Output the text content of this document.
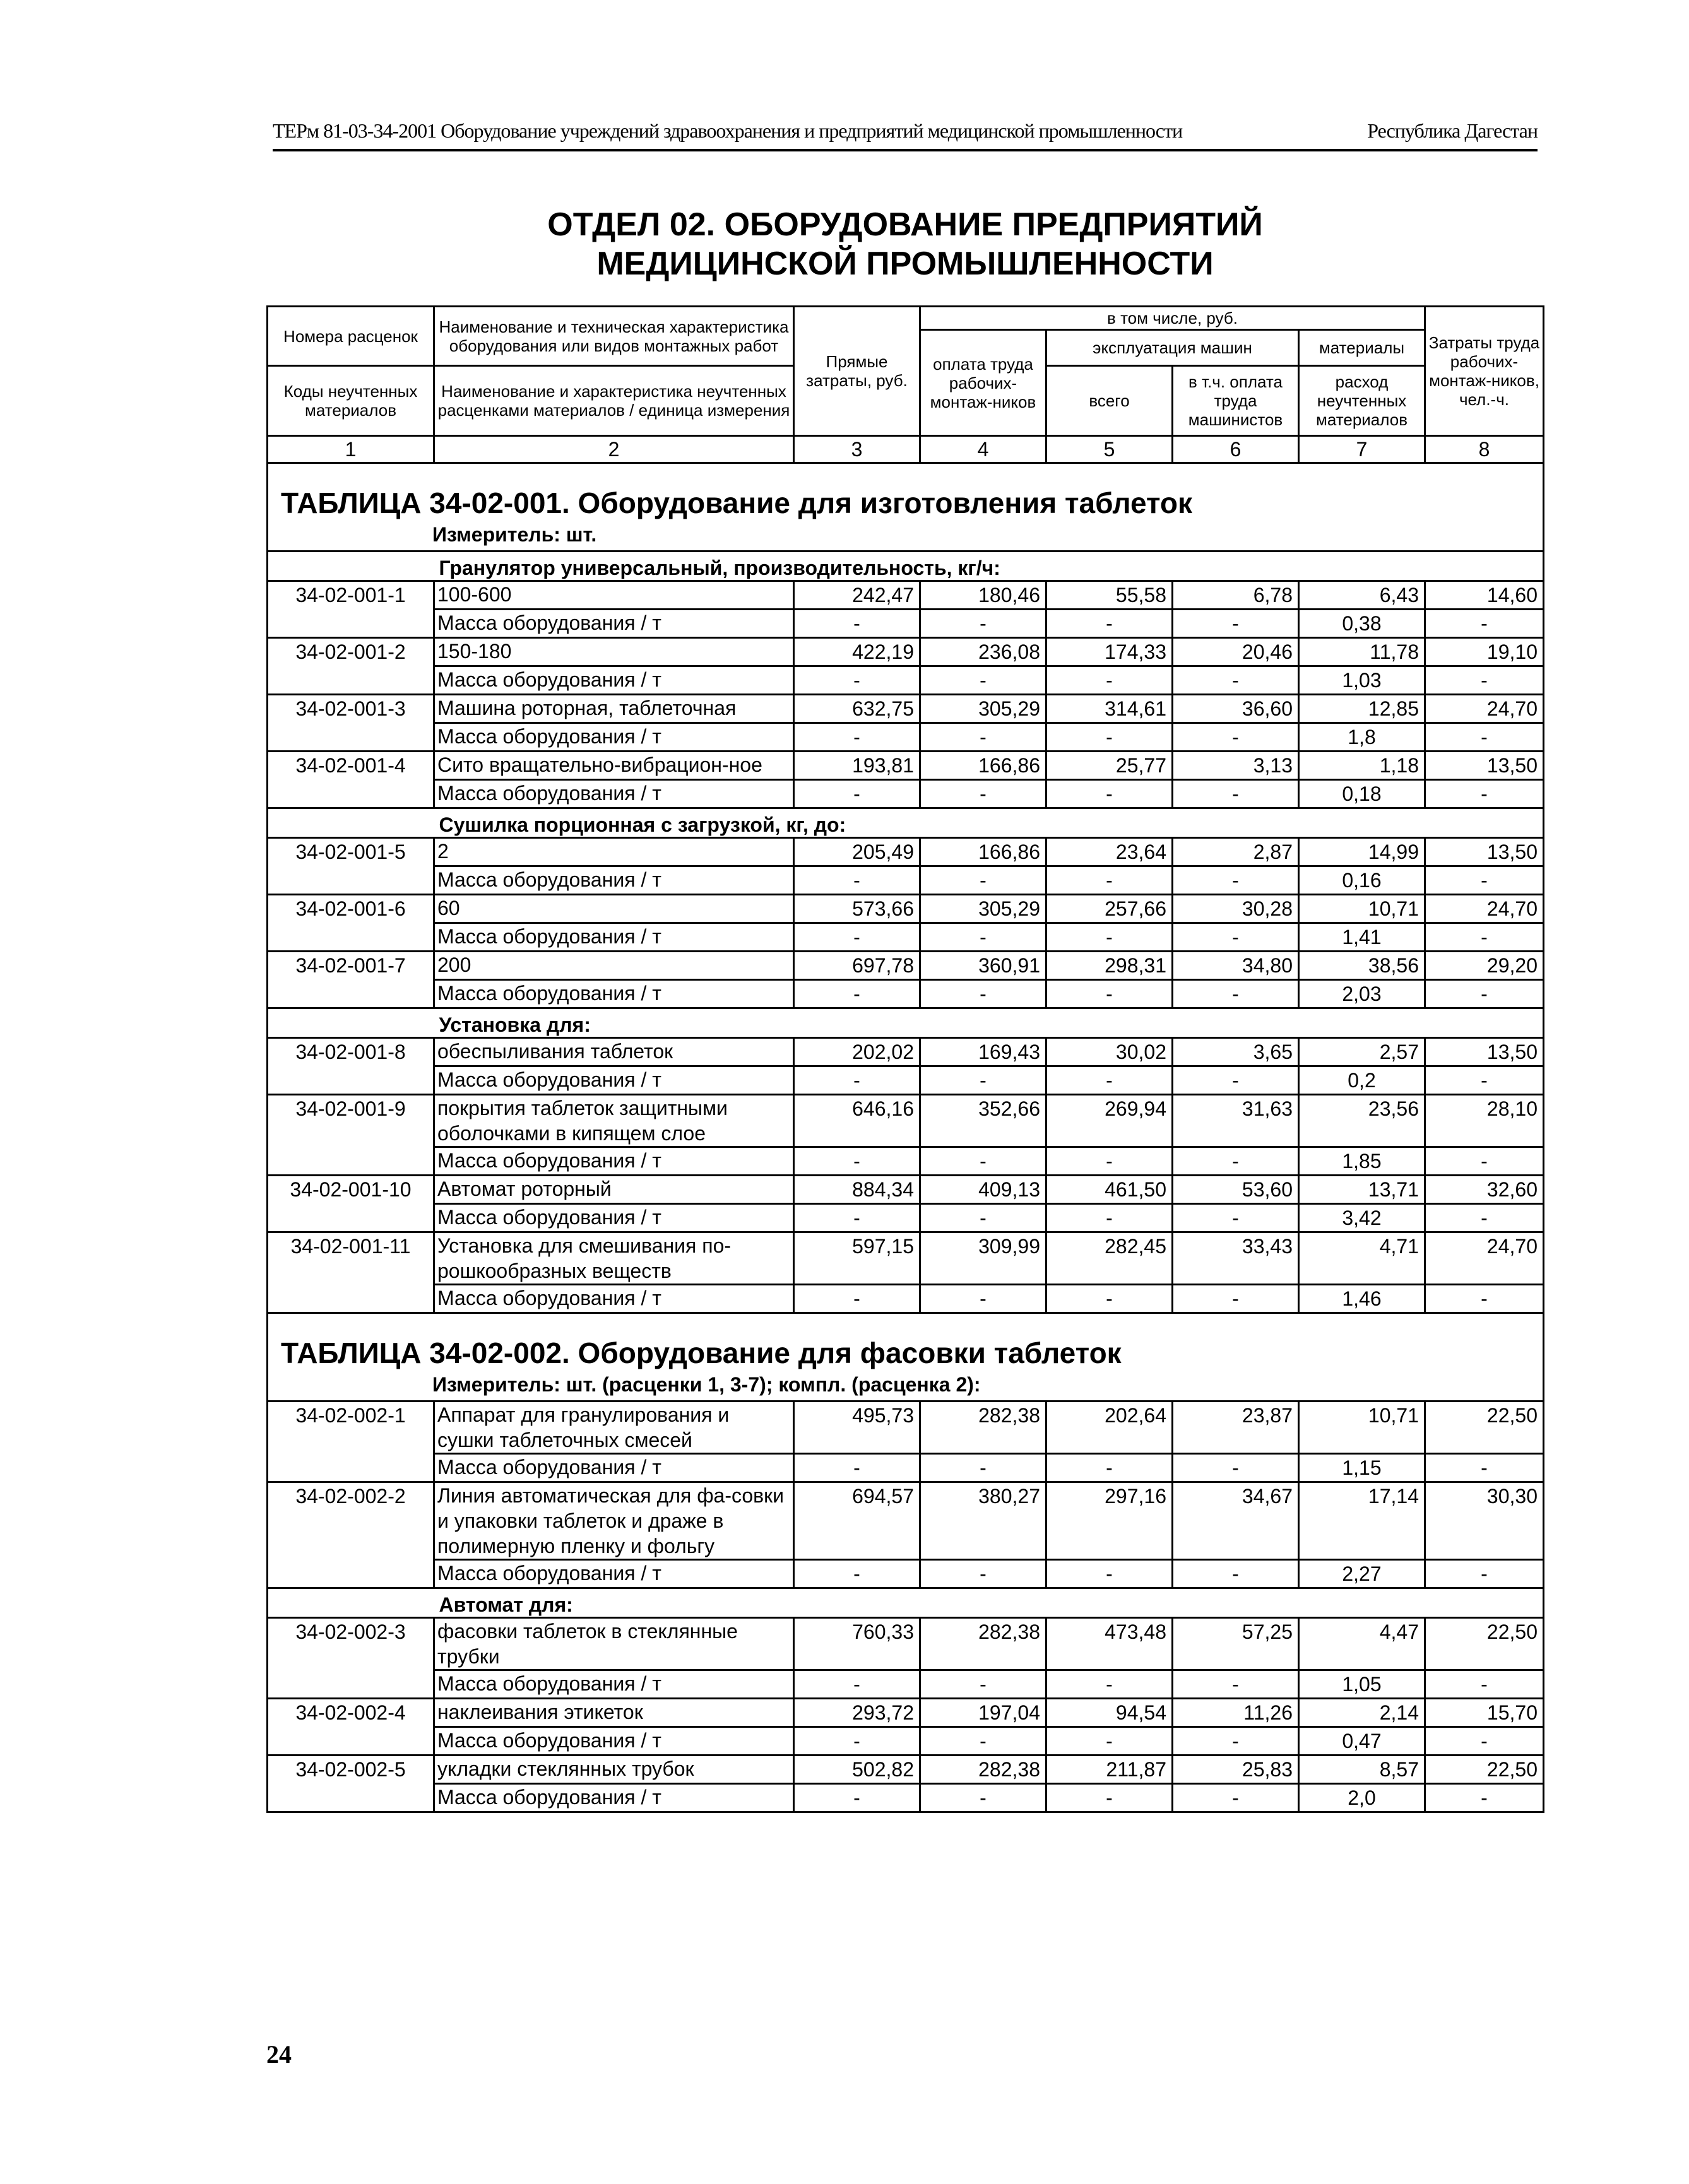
ТЕРм 81-03-34-2001 Оборудование учреждений здравоохранения и предприятий медицинской промышленности	Республика Дагестан
ОТДЕЛ 02. ОБОРУДОВАНИЕ ПРЕДПРИЯТИЙ
МЕДИЦИНСКОЙ ПРОМЫШЛЕННОСТИ
Номера расценок	Наименование и техническая характеристика оборудования или видов монтажных работ	Прямые затраты, руб.	в том числе, руб.				Затраты труда рабочих-монтаж-ников, чел.-ч.
			оплата труда рабочих-монтаж-ников	эксплуатация машин		материалы	
Коды неучтенных материалов	Наименование и характеристика неучтенных расценками материалов / единица измерения			всего	в т.ч. оплата труда машинистов	расход неучтенных материалов	

1	2	3	4	5	6	7	8

ТАБЛИЦА 34-02-001. Оборудование для изготовления таблеток
Измеритель: шт.							

	Гранулятор универсальный, производительность, кг/ч:						
34-02-001-1	100-600	242,47	180,46	55,58	6,78	6,43	14,60
	Масса оборудования / т	-	-	-	-	0,38	-
34-02-001-2	150-180	422,19	236,08	174,33	20,46	11,78	19,10
	Масса оборудования / т	-	-	-	-	1,03	-
34-02-001-3	Машина роторная, таблеточная	632,75	305,29	314,61	36,60	12,85	24,70
	Масса оборудования / т	-	-	-	-	1,8	-
34-02-001-4	Сито вращательно-вибрацион-ное	193,81	166,86	25,77	3,13	1,18	13,50
	Масса оборудования / т	-	-	-	-	0,18	-
	Сушилка порционная с загрузкой, кг, до:						
34-02-001-5	2	205,49	166,86	23,64	2,87	14,99	13,50
	Масса оборудования / т	-	-	-	-	0,16	-
34-02-001-6	60	573,66	305,29	257,66	30,28	10,71	24,70
	Масса оборудования / т	-	-	-	-	1,41	-
34-02-001-7	200	697,78	360,91	298,31	34,80	38,56	29,20
	Масса оборудования / т	-	-	-	-	2,03	-
	Установка для:						
34-02-001-8	обеспыливания таблеток	202,02	169,43	30,02	3,65	2,57	13,50
	Масса оборудования / т	-	-	-	-	0,2	-
34-02-001-9	покрытия таблеток защитными оболочками в кипящем слое	646,16	352,66	269,94	31,63	23,56	28,10
	Масса оборудования / т	-	-	-	-	1,85	-
34-02-001-10	Автомат роторный	884,34	409,13	461,50	53,60	13,71	32,60
	Масса оборудования / т	-	-	-	-	3,42	-
34-02-001-11	Установка для смешивания по-рошкообразных веществ	597,15	309,99	282,45	33,43	4,71	24,70
	Масса оборудования / т	-	-	-	-	1,46	-

ТАБЛИЦА 34-02-002. Оборудование для фасовки таблеток
Измеритель: шт. (расценки 1, 3-7); компл. (расценка 2):							

34-02-002-1	Аппарат для гранулирования и сушки таблеточных смесей	495,73	282,38	202,64	23,87	10,71	22,50
	Масса оборудования / т	-	-	-	-	1,15	-
34-02-002-2	Линия автоматическая для фа-совки и упаковки таблеток и драже в полимерную пленку и фольгу	694,57	380,27	297,16	34,67	17,14	30,30
	Масса оборудования / т	-	-	-	-	2,27	-
	Автомат для:						
34-02-002-3	фасовки таблеток в стеклянные трубки	760,33	282,38	473,48	57,25	4,47	22,50
	Масса оборудования / т	-	-	-	-	1,05	-
34-02-002-4	наклеивания этикеток	293,72	197,04	94,54	11,26	2,14	15,70
	Масса оборудования / т	-	-	-	-	0,47	-
34-02-002-5	укладки стеклянных трубок	502,82	282,38	211,87	25,83	8,57	22,50
	Масса оборудования / т	-	-	-	-	2,0	-
24
